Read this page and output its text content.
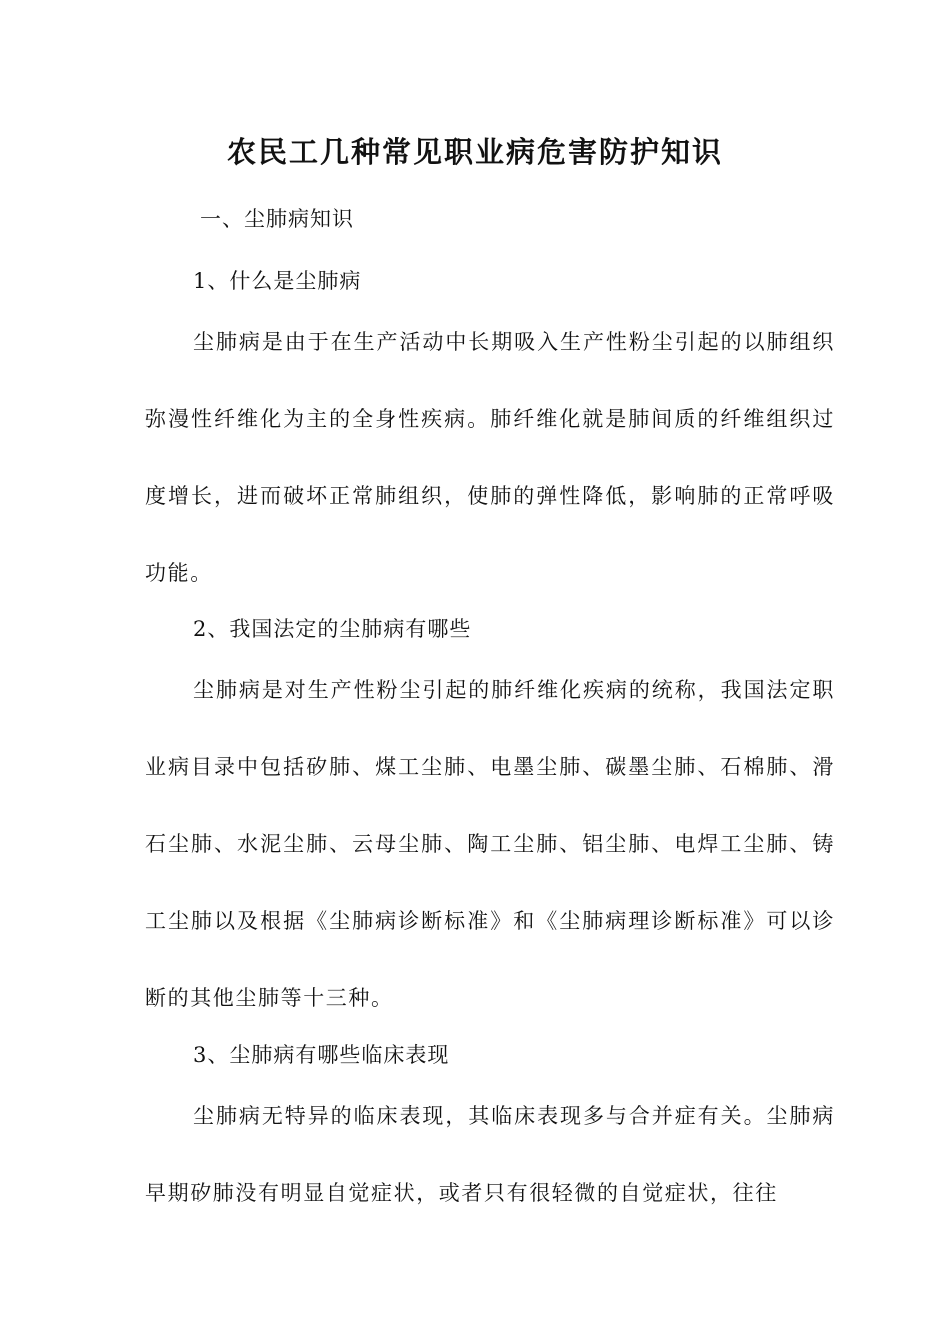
农民工几种常见职业病危害防护知识
一、尘肺病知识
1、什么是尘肺病

尘肺病是由于在生产活动中长期吸入生产性粉尘引起的以肺组织弥漫性纤维化为主的全身性疾病。肺纤维化就是肺间质的纤维组织过度增长，进而破坏正常肺组织，使肺的弹性降低，影响肺的正常呼吸功能。

2、我国法定的尘肺病有哪些

尘肺病是对生产性粉尘引起的肺纤维化疾病的统称，我国法定职业病目录中包括矽肺、煤工尘肺、电墨尘肺、碳墨尘肺、石棉肺、滑石尘肺、水泥尘肺、云母尘肺、陶工尘肺、铝尘肺、电焊工尘肺、铸工尘肺以及根据《尘肺病诊断标准》和《尘肺病理诊断标准》可以诊断的其他尘肺等十三种。

3、尘肺病有哪些临床表现

尘肺病无特异的临床表现，其临床表现多与合并症有关。尘肺病早期矽肺没有明显自觉症状，或者只有很轻微的自觉症状，往往
